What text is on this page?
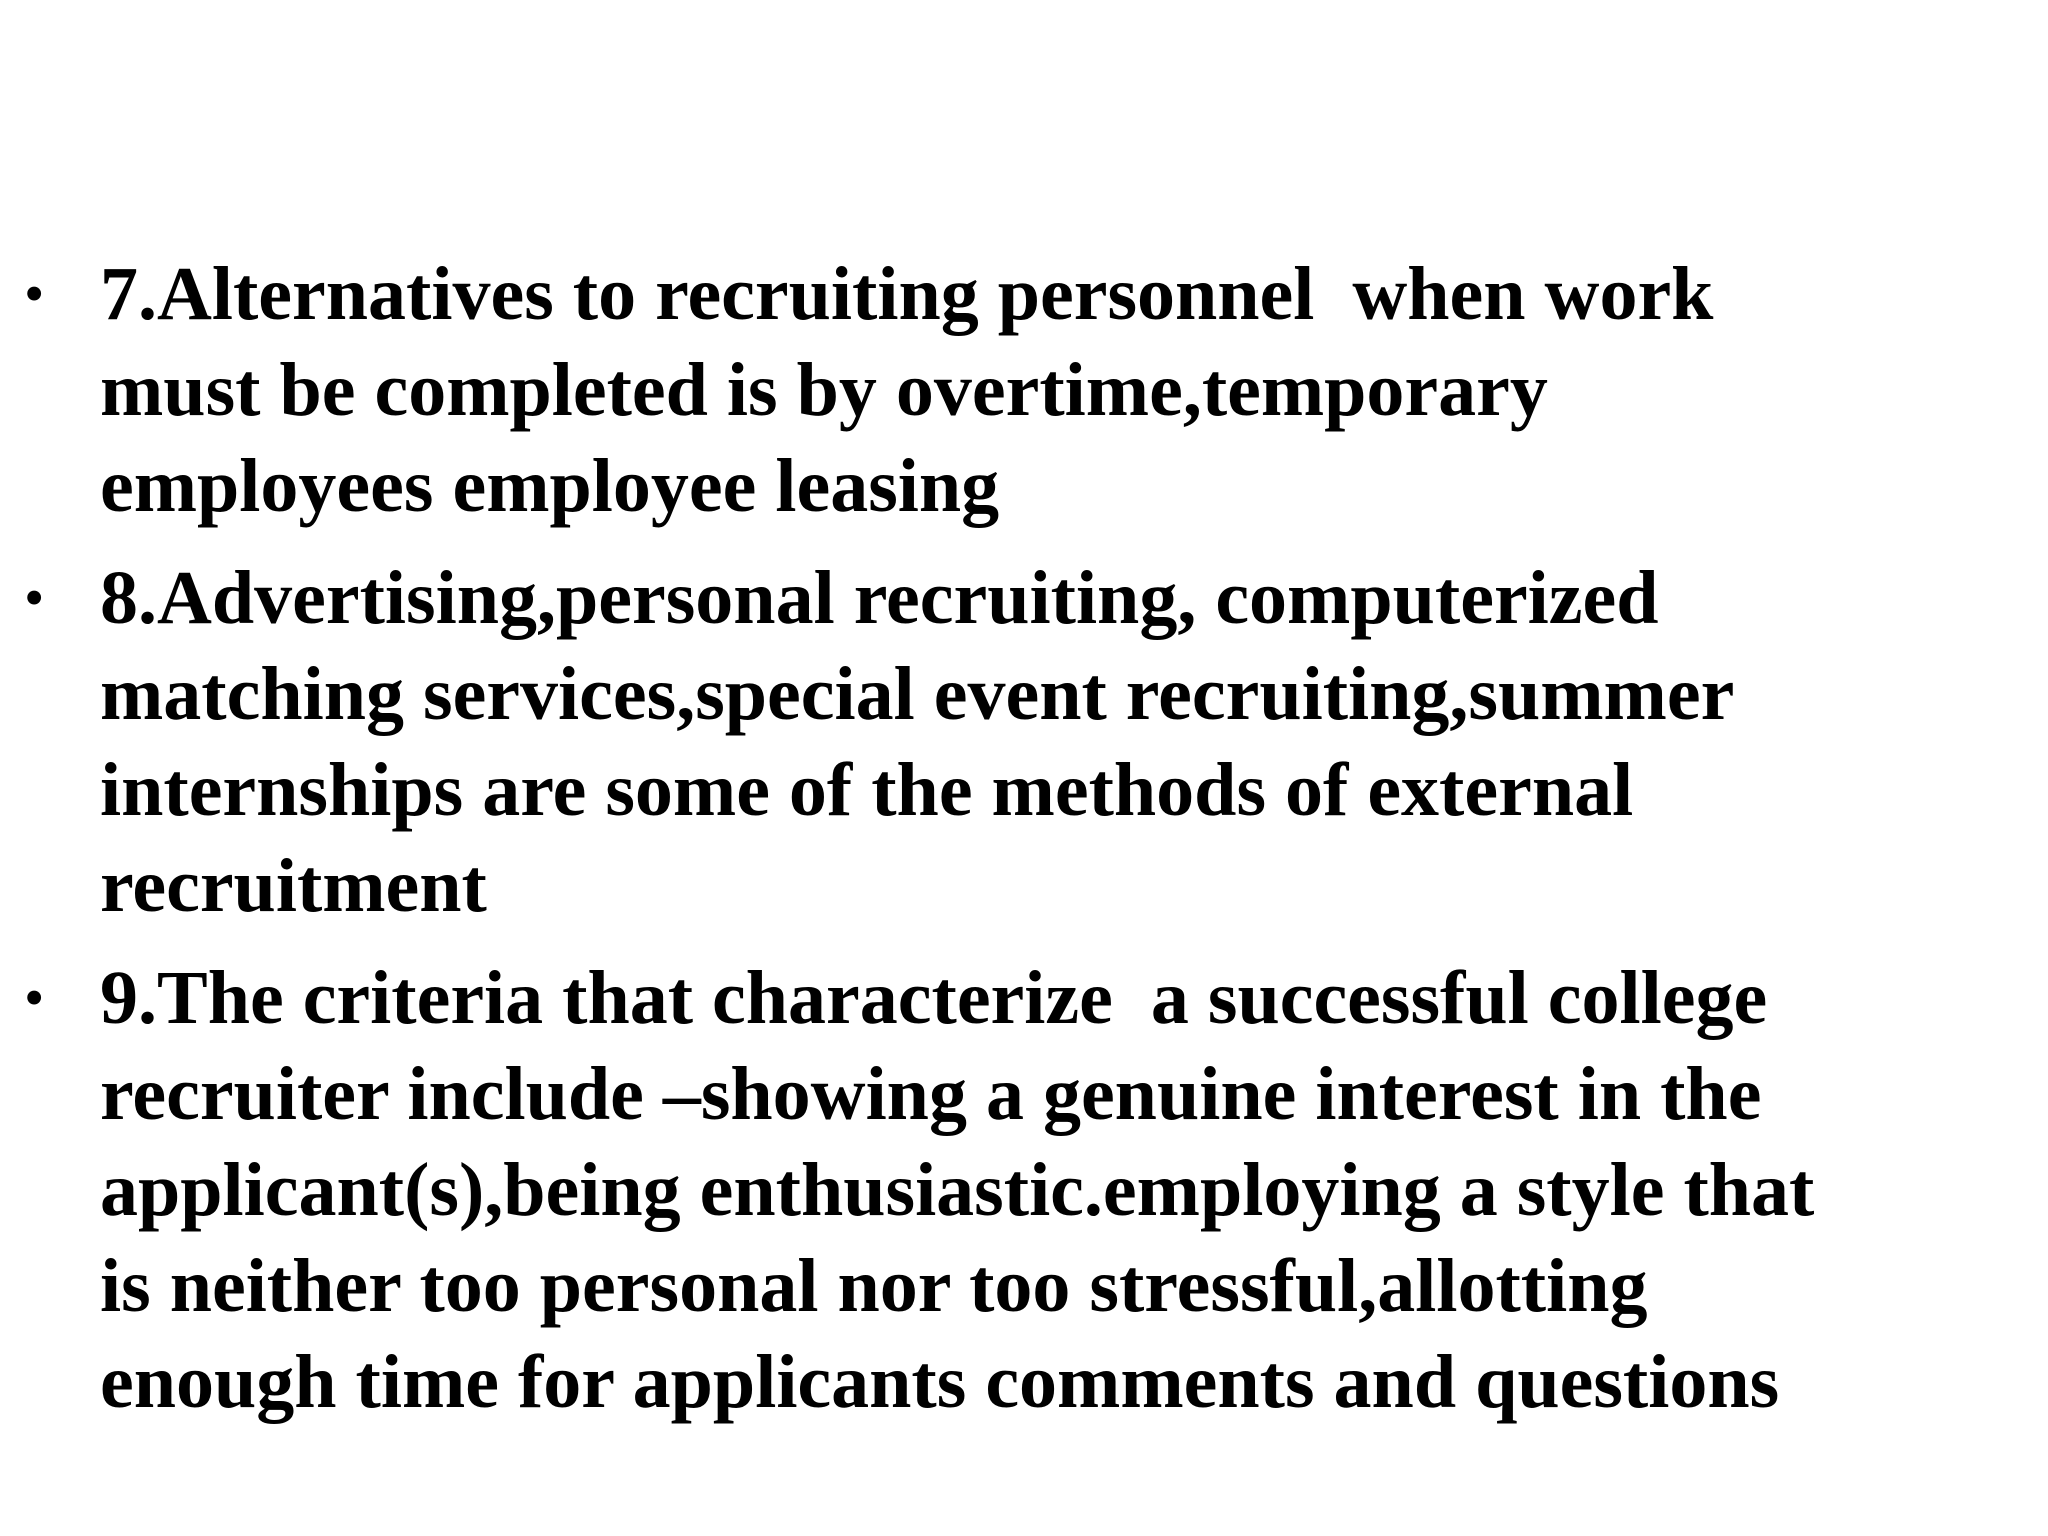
• 7.Alternatives to recruiting personnel  when work
must be completed is by overtime,temporary
employees employee leasing
• 8.Advertising,personal recruiting, computerized
matching services,special event recruiting,summer
internships are some of the methods of external
recruitment
• 9.The criteria that characterize  a successful college
recruiter include –showing a genuine interest in the
applicant(s),being enthusiastic.employing a style that
is neither too personal nor too stressful,allotting
enough time for applicants comments and questions
